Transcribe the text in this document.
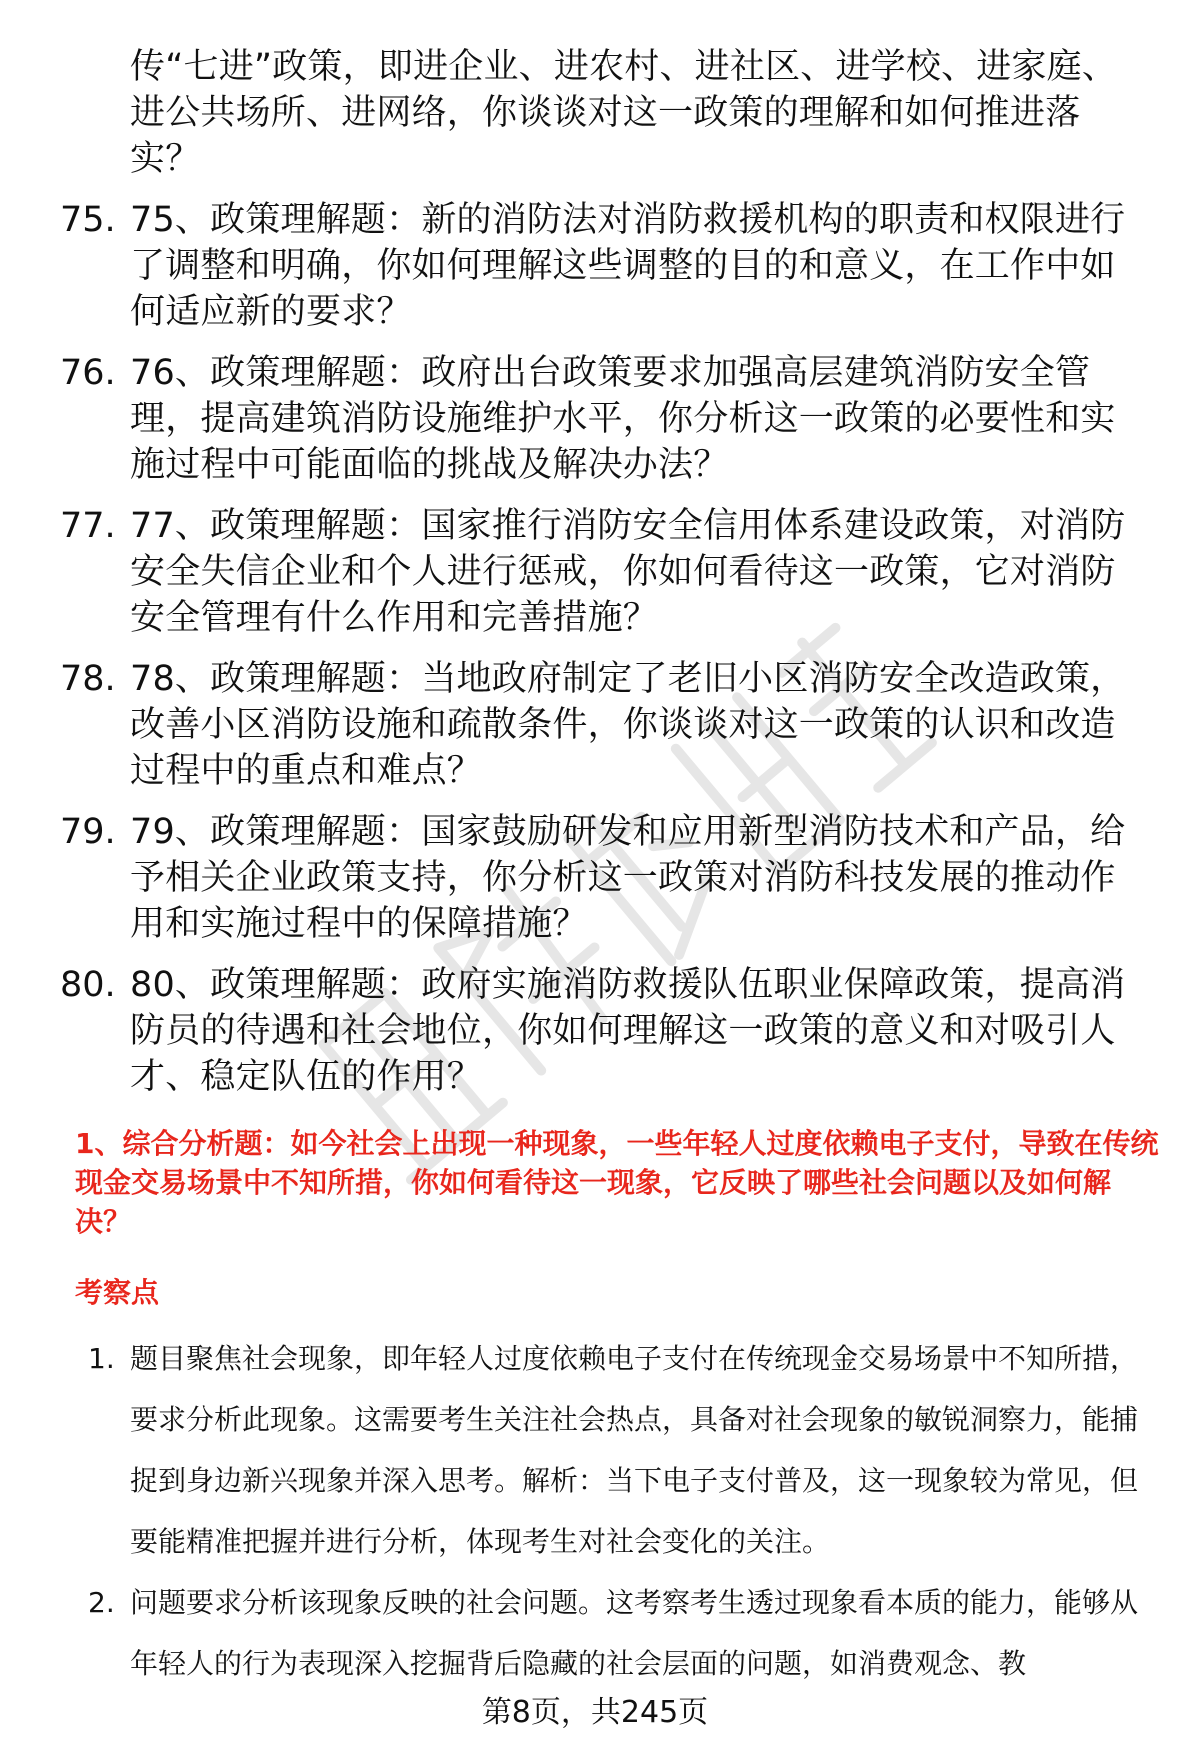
传“七进”政策，即进企业、进农村、进社区、进学校、进家庭、进公共场所、进网络，你谈谈对这一政策的理解和如何推进落实？
75. 75、政策理解题：新的消防法对消防救援机构的职责和权限进行了调整和明确，你如何理解这些调整的目的和意义，在工作中如何适应新的要求？
76. 76、政策理解题：政府出台政策要求加强高层建筑消防安全管理，提高建筑消防设施维护水平，你分析这一政策的必要性和实施过程中可能面临的挑战及解决办法？
77. 77、政策理解题：国家推行消防安全信用体系建设政策，对消防安全失信企业和个人进行惩戒，你如何看待这一政策，它对消防安全管理有什么作用和完善措施？
78. 78、政策理解题：当地政府制定了老旧小区消防安全改造政策，改善小区消防设施和疏散条件，你谈谈对这一政策的认识和改造过程中的重点和难点？
79. 79、政策理解题：国家鼓励研发和应用新型消防技术和产品，给予相关企业政策支持，你分析这一政策对消防科技发展的推动作用和实施过程中的保障措施？
80. 80、政策理解题：政府实施消防救援队伍职业保障政策，提高消防员的待遇和社会地位，你如何理解这一政策的意义和对吸引人才、稳定队伍的作用？

1、综合分析题：如今社会上出现一种现象，一些年轻人过度依赖电子支付，导致在传统现金交易场景中不知所措，你如何看待这一现象，它反映了哪些社会问题以及如何解决？

考察点
1. 题目聚焦社会现象，即年轻人过度依赖电子支付在传统现金交易场景中不知所措，要求分析此现象。这需要考生关注社会热点，具备对社会现象的敏锐洞察力，能捕捉到身边新兴现象并深入思考。解析：当下电子支付普及，这一现象较为常见，但要能精准把握并进行分析，体现考生对社会变化的关注。
2. 问题要求分析该现象反映的社会问题。这考察考生透过现象看本质的能力，能够从年轻人的行为表现深入挖掘背后隐藏的社会层面的问题，如消费观念、教
第8页，共245页
